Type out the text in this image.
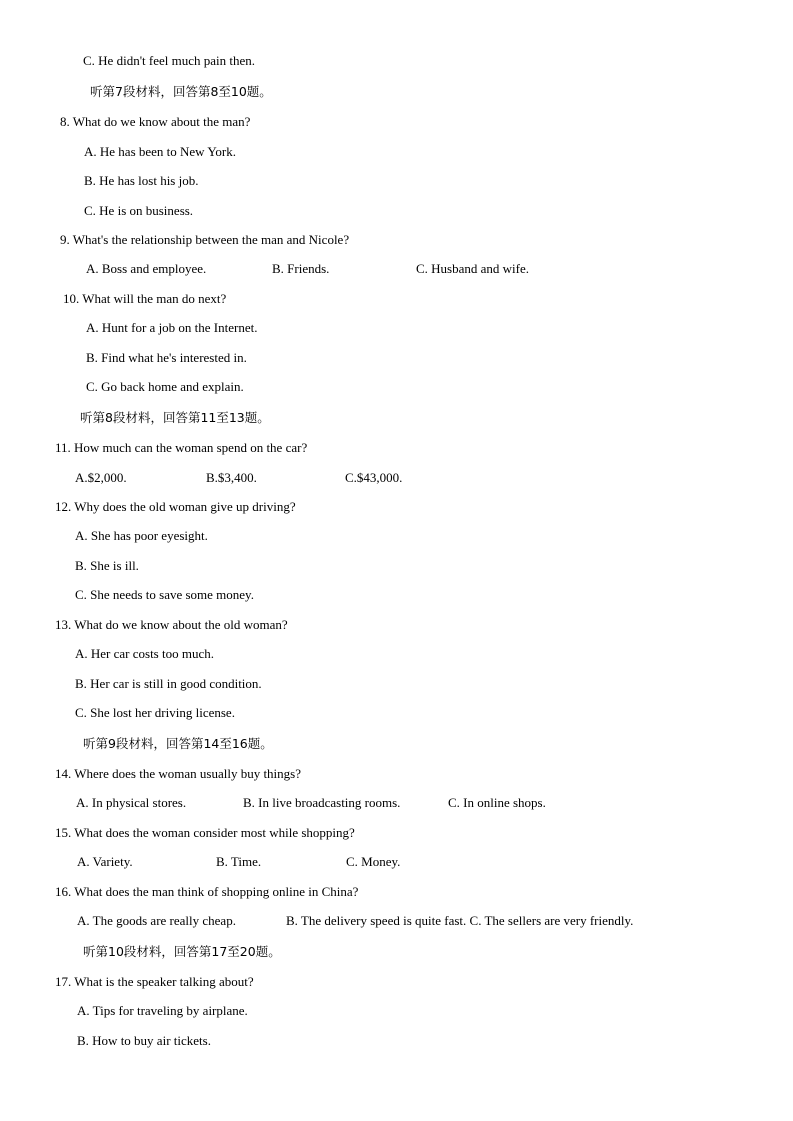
C. He didn't feel much pain then.
听第7段材料，回答第8至10题。
8. What do we know about the man?
A. He has been to New York.
B. He has lost his job.
C. He is on business.
9. What's the relationship between the man and Nicole?
A. Boss and employee.	B. Friends.	C. Husband and wife.
10. What will the man do next?
A. Hunt for a job on the Internet.
B. Find what he's interested in.
C. Go back home and explain.
听第8段材料，回答第11至13题。
11. How much can the woman spend on the car?
A.$2,000.	B.$3,400.	C.$43,000.
12. Why does the old woman give up driving?
A. She has poor eyesight.
B. She is ill.
C. She needs to save some money.
13. What do we know about the old woman?
A. Her car costs too much.
B. Her car is still in good condition.
C. She lost her driving license.
听第9段材料，回答第14至16题。
14. Where does the woman usually buy things?
A. In physical stores.	B. In live broadcasting rooms.	C. In online shops.
15. What does the woman consider most while shopping?
A. Variety.	B. Time.	C. Money.
16. What does the man think of shopping online in China?
A. The goods are really cheap.	B. The delivery speed is quite fast. C. The sellers are very friendly.
听第10段材料，回答第17至20题。
17. What is the speaker talking about?
A. Tips for traveling by airplane.
B. How to buy air tickets.
